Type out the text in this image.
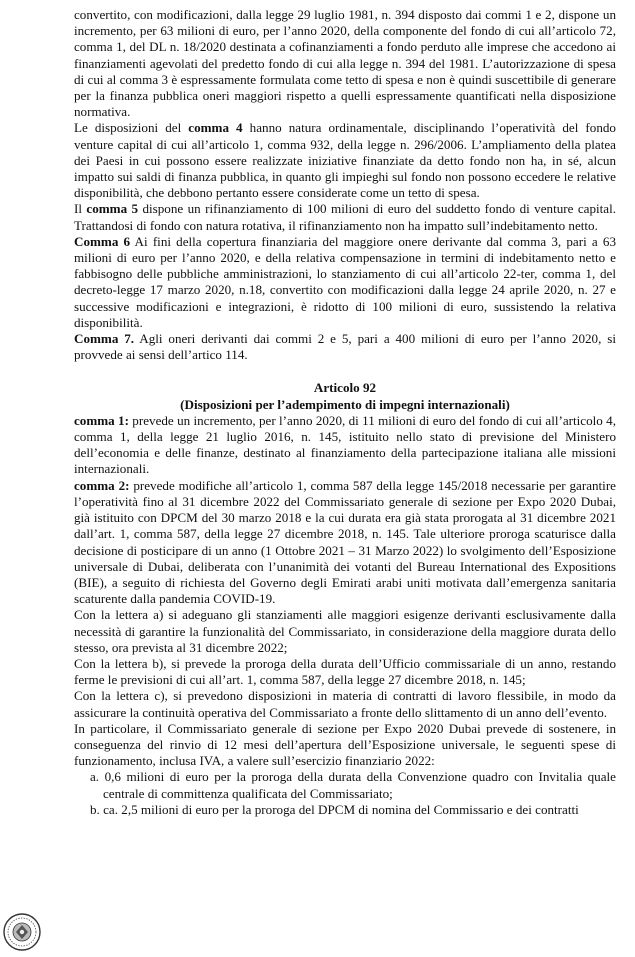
convertito, con modificazioni, dalla legge 29 luglio 1981, n. 394 disposto dai commi 1 e 2, dispone un incremento, per 63 milioni di euro, per l’anno 2020, della componente del fondo di cui all’articolo 72, comma 1, del DL n. 18/2020 destinata a cofinanziamenti a fondo perduto alle imprese che accedono ai finanziamenti agevolati del predetto fondo di cui alla legge n. 394 del 1981. L’autorizzazione di spesa di cui al comma 3 è espressamente formulata come tetto di spesa e non è quindi suscettibile di generare per la finanza pubblica oneri maggiori rispetto a quelli espressamente quantificati nella disposizione normativa.

Le disposizioni del comma 4 hanno natura ordinamentale, disciplinando l’operatività del fondo venture capital di cui all’articolo 1, comma 932, della legge n. 296/2006. L’ampliamento della platea dei Paesi in cui possono essere realizzate iniziative finanziate da detto fondo non ha, in sé, alcun impatto sui saldi di finanza pubblica, in quanto gli impieghi sul fondo non possono eccedere le relative disponibilità, che debbono pertanto essere considerate come un tetto di spesa.

Il comma 5 dispone un rifinanziamento di 100 milioni di euro del suddetto fondo di venture capital. Trattandosi di fondo con natura rotativa, il rifinanziamento non ha impatto sull’indebitamento netto.

Comma 6 Ai fini della copertura finanziaria del maggiore onere derivante dal comma 3, pari a 63 milioni di euro per l’anno 2020, e della relativa compensazione in termini di indebitamento netto e fabbisogno delle pubbliche amministrazioni, lo stanziamento di cui all’articolo 22-ter, comma 1, del decreto-legge 17 marzo 2020, n.18, convertito con modificazioni dalla legge 24 aprile 2020, n. 27 e successive modificazioni e integrazioni, è ridotto di 100 milioni di euro, sussistendo la relativa disponibilità.

Comma 7. Agli oneri derivanti dai commi 2 e 5, pari a 400 milioni di euro per l’anno 2020, si provvede ai sensi dell’artico 114.

Articolo 92

(Disposizioni per l’adempimento di impegni internazionali)

comma 1: prevede un incremento, per l’anno 2020, di 11 milioni di euro del fondo di cui all’articolo 4, comma 1, della legge 21 luglio 2016, n. 145, istituito nello stato di previsione del Ministero dell’economia e delle finanze, destinato al finanziamento della partecipazione italiana alle missioni internazionali.

comma 2: prevede modifiche all’articolo 1, comma 587 della legge 145/2018 necessarie per garantire l’operatività fino al 31 dicembre 2022 del Commissariato generale di sezione per Expo 2020 Dubai, già istituito con DPCM del 30 marzo 2018 e la cui durata era già stata prorogata al 31 dicembre 2021 dall’art. 1, comma 587, della legge 27 dicembre 2018, n. 145. Tale ulteriore proroga scaturisce dalla decisione di posticipare di un anno (1 Ottobre 2021 – 31 Marzo 2022) lo svolgimento dell’Esposizione universale di Dubai, deliberata con l’unanimità dei votanti del Bureau International des Expositions (BIE), a seguito di richiesta del Governo degli Emirati arabi uniti motivata dall’emergenza sanitaria scaturente dalla pandemia COVID-19.

Con la lettera a) si adeguano gli stanziamenti alle maggiori esigenze derivanti esclusivamente dalla necessità di garantire la funzionalità del Commissariato, in considerazione della maggiore durata dello stesso, ora prevista al 31 dicembre 2022;

Con la lettera b), si prevede la proroga della durata dell’Ufficio commissariale di un anno, restando ferme le previsioni di cui all’art. 1, comma 587, della legge 27 dicembre 2018, n. 145;

Con la lettera c), si prevedono disposizioni in materia di contratti di lavoro flessibile, in modo da assicurare la continuità operativa del Commissariato a fronte dello slittamento di un anno dell’evento.

In particolare, il Commissariato generale di sezione per Expo 2020 Dubai prevede di sostenere, in conseguenza del rinvio di 12 mesi dell’apertura dell’Esposizione universale, le seguenti spese di funzionamento, inclusa IVA, a valere sull’esercizio finanziario 2022:

a. 0,6 milioni di euro per la proroga della durata della Convenzione quadro con Invitalia quale centrale di committenza qualificata del Commissariato;

b. ca. 2,5 milioni di euro per la proroga del DPCM di nomina del Commissario e dei contratti
